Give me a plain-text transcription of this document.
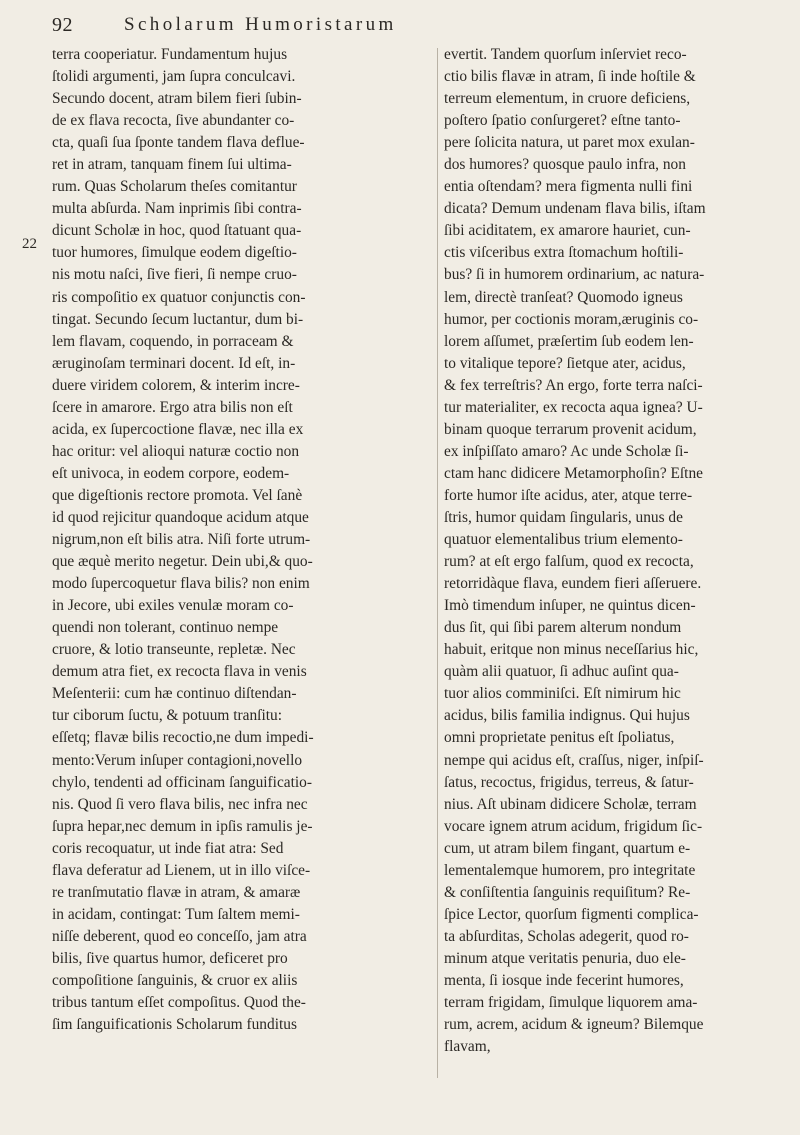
92	Scholarum Humoristarum
22
terra cooperiatur. Fundamentum hujus
ſtolidi argumenti, jam ſupra conculcavi.
Secundo docent, atram bilem fieri ſubin-
de ex flava recocta, ſive abundanter co-
cta, quaſi ſua ſponte tandem flava deflue-
ret in atram, tanquam finem ſui ultima-
rum. Quas Scholarum theſes comitantur
multa abſurda. Nam inprimis ſibi contra-
dicunt Scholæ in hoc, quod ſtatuant qua-
tuor humores, ſimulque eodem digeſtio-
nis motu naſci, ſive fieri, ſi nempe cruo-
ris compoſitio ex quatuor conjunctis con-
tingat. Secundo ſecum luctantur, dum bi-
lem flavam, coquendo, in porraceam &
æruginoſam terminari docent. Id eſt, in-
duere viridem colorem, & interim incre-
ſcere in amarore. Ergo atra bilis non eſt
acida, ex ſupercoctione flavæ, nec illa ex
hac oritur: vel alioqui naturæ coctio non
eſt univoca, in eodem corpore, eodem-
que digeſtionis rectore promota. Vel ſanè
id quod rejicitur quandoque acidum atque
nigrum,non eſt bilis atra. Niſi forte utrum-
que æquè merito negetur. Dein ubi,& quo-
modo ſupercoquetur flava bilis? non enim
in Jecore, ubi exiles venulæ moram co-
quendi non tolerant, continuo nempe
cruore, & lotio transeunte, repletæ. Nec
demum atra fiet, ex recocta flava in venis
Meſenterii: cum hæ continuo diſtendan-
tur ciborum ſuctu, & potuum tranſitu:
eſſetq; flavæ bilis recoctio,ne dum impedi-
mento:Verum inſuper contagioni,novello
chylo, tendenti ad officinam ſanguificatio-
nis. Quod ſi vero flava bilis, nec infra nec
ſupra hepar,nec demum in ipſis ramulis je-
coris recoquatur, ut inde fiat atra: Sed
flava deferatur ad Lienem, ut in illo viſce-
re tranſmutatio flavæ in atram, & amaræ
in acidam, contingat: Tum ſaltem memi-
niſſe deberent, quod eo conceſſo, jam atra
bilis, ſive quartus humor, deficeret pro
compoſitione ſanguinis, & cruor ex aliis
tribus tantum eſſet compoſitus. Quod the-
ſim ſanguificationis Scholarum funditus
evertit. Tandem quorſum inſerviet reco-
ctio bilis flavæ in atram, ſi inde hoſtile &
terreum elementum, in cruore deficiens,
poſtero ſpatio conſurgeret? eſtne tanto-
pere ſolicita natura, ut paret mox exulan-
dos humores? quosque paulo infra, non
entia oſtendam? mera figmenta nulli fini
dicata? Demum undenam flava bilis, iſtam
ſibi aciditatem, ex amarore hauriet, cun-
ctis viſceribus extra ſtomachum hoſtili-
bus? ſi in humorem ordinarium, ac natura-
lem, directè tranſeat? Quomodo igneus
humor, per coctionis moram,æruginis co-
lorem aſſumet, præſertim ſub eodem len-
to vitalique tepore? ſietque ater, acidus,
& fex terreſtris? An ergo, forte terra naſci-
tur materialiter, ex recocta aqua ignea? U-
binam quoque terrarum provenit acidum,
ex inſpiſſato amaro? Ac unde Scholæ ſi-
ctam hanc didicere Metamorphoſin? Eſtne
forte humor iſte acidus, ater, atque terre-
ſtris, humor quidam ſingularis, unus de
quatuor elementalibus trium elemento-
rum? at eſt ergo falſum, quod ex recocta,
retorridàque flava, eundem fieri aſſeruere.
Imò timendum inſuper, ne quintus dicen-
dus ſit, qui ſibi parem alterum nondum
habuit, eritque non minus neceſſarius hic,
quàm alii quatuor, ſi adhuc auſint qua-
tuor alios comminiſci. Eſt nimirum hic
acidus, bilis familia indignus. Qui hujus
omni proprietate penitus eſt ſpoliatus,
nempe qui acidus eſt, craſſus, niger, inſpiſ-
ſatus, recoctus, frigidus, terreus, & ſatur-
nius. Aſt ubinam didicere Scholæ, terram
vocare ignem atrum acidum, frigidum ſic-
cum, ut atram bilem fingant, quartum e-
lementalemque humorem, pro integritate
& conſiſtentia ſanguinis requiſitum? Re-
ſpice Lector, quorſum figmenti complica-
ta abſurditas, Scholas adegerit, quod ro-
minum atque veritatis penuria, duo ele-
menta, ſi iosque inde fecerint humores,
terram frigidam, ſimulque liquorem ama-
rum, acrem, acidum & igneum? Bilemque
flavam,
